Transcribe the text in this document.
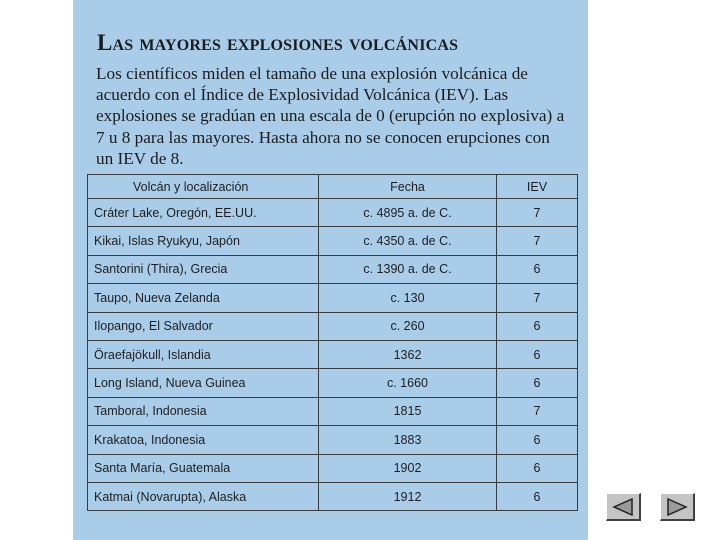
Las mayores explosiones volcánicas
Los científicos miden el tamaño de una explosión volcánica de acuerdo con el Índice de Explosividad Volcánica (IEV). Las explosiones se gradúan en una escala de 0 (erupción no explosiva) a 7 u 8 para las mayores. Hasta ahora no se conocen erupciones con un IEV de 8.
Volcán y localización	Fecha	IEV
Cráter Lake, Oregón, EE.UU.	c. 4895 a. de C.	7
Kikai, Islas Ryukyu, Japón	c. 4350 a. de C.	7
Santorini (Thira), Grecia	c. 1390 a. de C.	6
Taupo, Nueva Zelanda	c. 130	7
Ilopango, El Salvador	c. 260	6
Öraefajökull, Islandia	1362	6
Long Island, Nueva Guinea	c. 1660	6
Tamboral, Indonesia	1815	7
Krakatoa, Indonesia	1883	6
Santa María, Guatemala	1902	6
Katmai (Novarupta), Alaska	1912	6
